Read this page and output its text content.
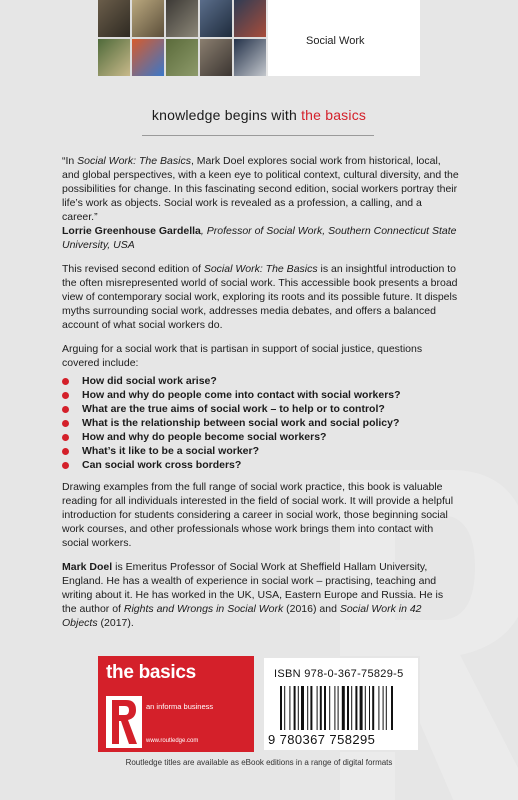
Social Work
knowledge begins with the basics

“In Social Work: The Basics, Mark Doel explores social work from historical, local, and global perspectives, with a keen eye to political context, cultural diversity, and the possibilities for change. In this fascinating second edition, social workers portray their life’s work as objects. Social work is revealed as a profession, a calling, and a career.”
Lorrie Greenhouse Gardella, Professor of Social Work, Southern Connecticut State University, USA

This revised second edition of Social Work: The Basics is an insightful introduction to the often misrepresented world of social work. This accessible book presents a broad view of contemporary social work, exploring its roots and its possible future. It dispels myths surrounding social work, addresses media debates, and offers a balanced account of what social workers do.

Arguing for a social work that is partisan in support of social justice, questions covered include:

How did social work arise?
How and why do people come into contact with social workers?
What are the true aims of social work – to help or to control?
What is the relationship between social work and social policy?
How and why do people become social workers?
What’s it like to be a social worker?
Can social work cross borders?

Drawing examples from the full range of social work practice, this book is valuable reading for all individuals interested in the field of social work. It will provide a helpful introduction for students considering a career in social work, those beginning social work courses, and other professionals whose work brings them into contact with social workers.

Mark Doel is Emeritus Professor of Social Work at Sheffield Hallam University, England. He has a wealth of experience in social work – practising, teaching and writing about it. He has worked in the UK, USA, Eastern Europe and Russia. He is the author of Rights and Wrongs in Social Work (2016) and Social Work in 42 Objects (2017).

the basics
ROUTLEDGE
an informa business
www.routledge.com
ISBN 978-0-367-75829-5
9 780367 758295
Routledge titles are available as eBook editions in a range of digital formats
